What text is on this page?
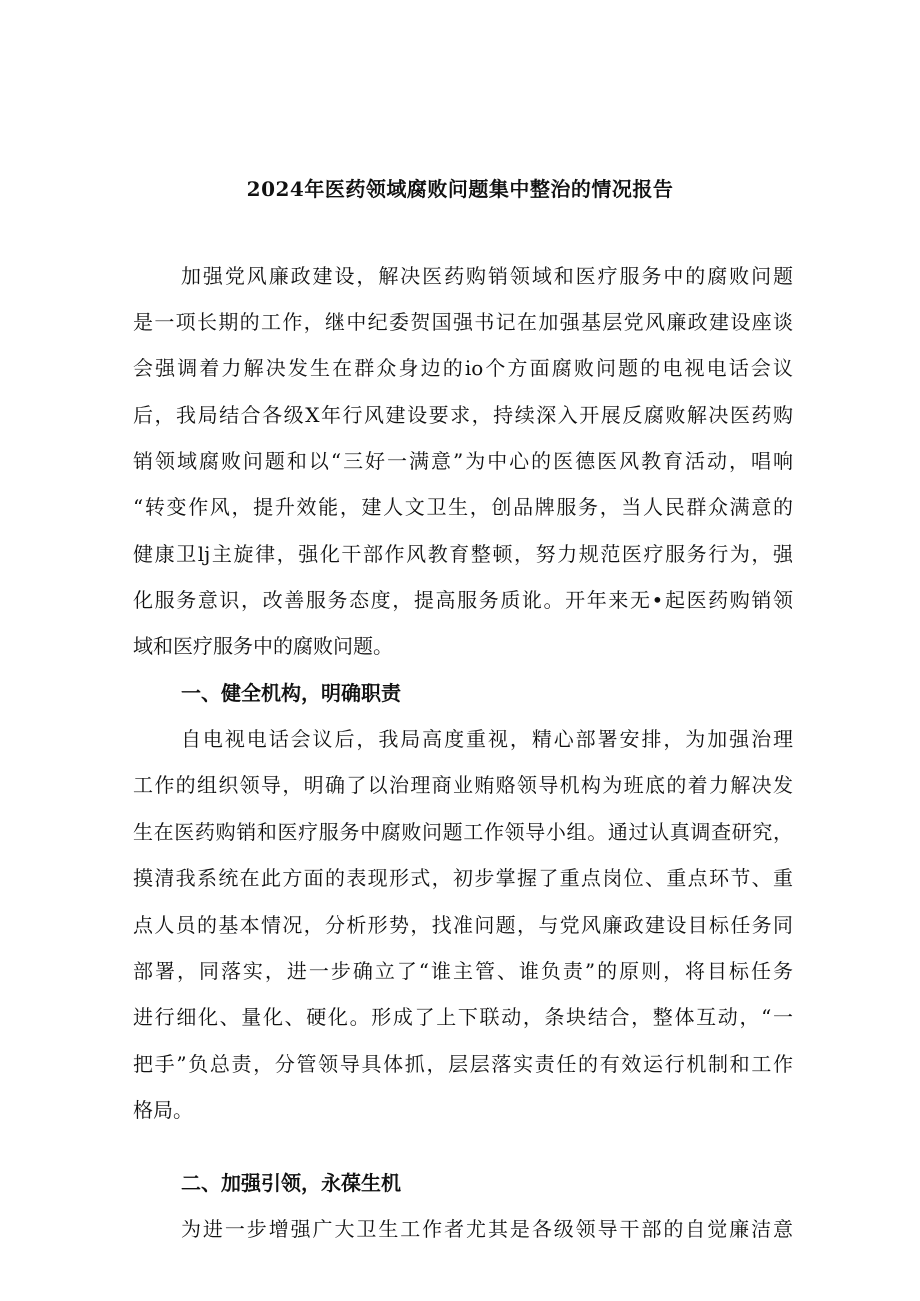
2024年医药领域腐败问题集中整治的情况报告
加强党风廉政建设，解决医药购销领域和医疗服务中的腐败问题
是一项长期的工作，继中纪委贺国强书记在加强基层党风廉政建设座谈
会强调着力解决发生在群众身边的io个方面腐败问题的电视电话会议
后，我局结合各级X年行风建设要求，持续深入开展反腐败解决医药购
销领域腐败问题和以“三好一满意”为中心的医德医风教育活动，唱响
“转变作风，提升效能，建人文卫生，创品牌服务，当人民群众满意的
健康卫lj主旋律，强化干部作风教育整顿，努力规范医疗服务行为，强
化服务意识，改善服务态度，提高服务质讹。开年来无•起医药购销领
域和医疗服务中的腐败问题。
一、健全机构，明确职责
自电视电话会议后，我局高度重视，精心部署安排，为加强治理
工作的组织领导，明确了以治理商业贿赂领导机构为班底的着力解决发
生在医药购销和医疗服务中腐败问题工作领导小组。通过认真调查研究，
摸清我系统在此方面的表现形式，初步掌握了重点岗位、重点环节、重
点人员的基本情况，分析形势，找准问题，与党风廉政建设目标任务同
部署，同落实，进一步确立了“谁主管、谁负责”的原则，将目标任务
进行细化、量化、硬化。形成了上下联动，条块结合，整体互动，“一
把手”负总责，分管领导具体抓，层层落实责任的有效运行机制和工作
格局。
二、加强引领，永葆生机
为进一步增强广大卫生工作者尤其是各级领导干部的自觉廉洁意
